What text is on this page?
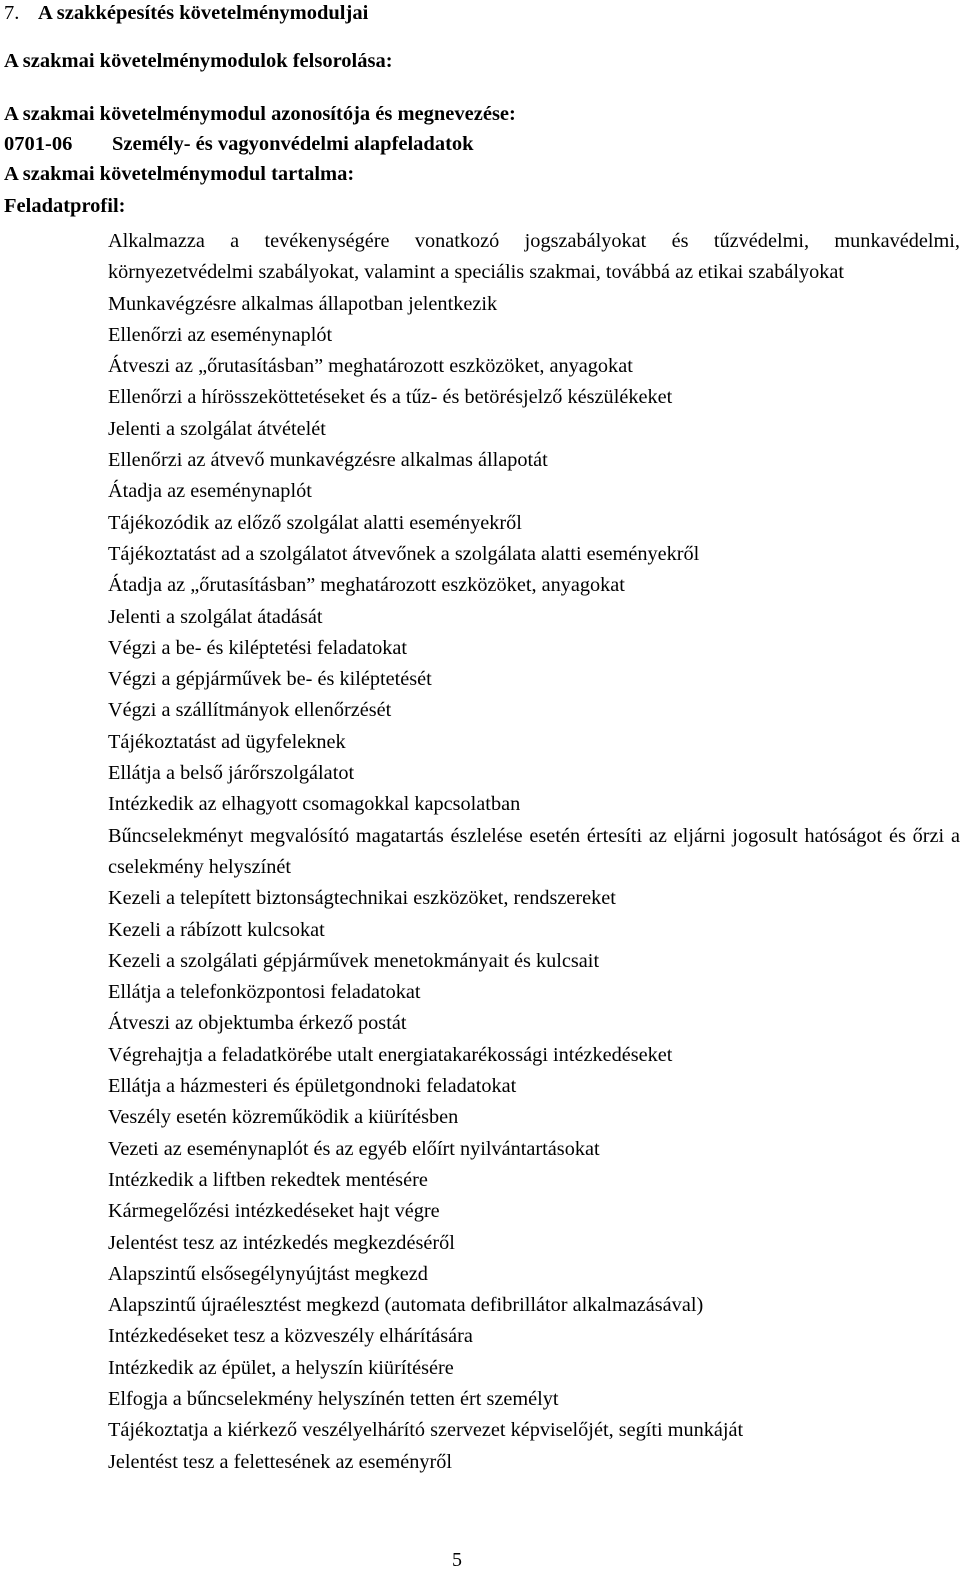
7. A szakképesítés követelménymoduljai
A szakmai követelménymodulok felsorolása:
A szakmai követelménymodul azonosítója és megnevezése:
0701-06 Személy- és vagyonvédelmi alapfeladatok
A szakmai követelménymodul tartalma:
Feladatprofil:
Alkalmazza a tevékenységére vonatkozó jogszabályokat és tűzvédelmi, munkavédelmi, környezetvédelmi szabályokat, valamint a speciális szakmai, továbbá az etikai szabályokat
Munkavégzésre alkalmas állapotban jelentkezik
Ellenőrzi az eseménynaplót
Átveszi az „őrutasításban” meghatározott eszközöket, anyagokat
Ellenőrzi a hírösszeköttetéseket és a tűz- és betörésjelző készülékeket
Jelenti a szolgálat átvételét
Ellenőrzi az átvevő munkavégzésre alkalmas állapotát
Átadja az eseménynaplót
Tájékozódik az előző szolgálat alatti eseményekről
Tájékoztatást ad a szolgálatot átvevőnek a szolgálata alatti eseményekről
Átadja az „őrutasításban” meghatározott eszközöket, anyagokat
Jelenti a szolgálat átadását
Végzi a be- és kiléptetési feladatokat
Végzi a gépjárművek be- és kiléptetését
Végzi a szállítmányok ellenőrzését
Tájékoztatást ad ügyfeleknek
Ellátja a belső járőrszolgálatot
Intézkedik az elhagyott csomagokkal kapcsolatban
Bűncselekményt megvalósító magatartás észlelése esetén értesíti az eljárni jogosult hatóságot és őrzi a cselekmény helyszínét
Kezeli a telepített biztonságtechnikai eszközöket, rendszereket
Kezeli a rábízott kulcsokat
Kezeli a szolgálati gépjárművek menetokmányait és kulcsait
Ellátja a telefonközpontosi feladatokat
Átveszi az objektumba érkező postát
Végrehajtja a feladatkörébe utalt energiatakarékossági intézkedéseket
Ellátja a házmesteri és épületgondnoki feladatokat
Veszély esetén közreműködik a kiürítésben
Vezeti az eseménynaplót és az egyéb előírt nyilvántartásokat
Intézkedik a liftben rekedtek mentésére
Kármegelőzési intézkedéseket hajt végre
Jelentést tesz az intézkedés megkezdéséről
Alapszintű elsősegélynyújtást megkezd
Alapszintű újraélesztést megkezd (automata defibrillátor alkalmazásával)
Intézkedéseket tesz a közveszély elhárítására
Intézkedik az épület, a helyszín kiürítésére
Elfogja a bűncselekmény helyszínén tetten ért személyt
Tájékoztatja a kiérkező veszélyelhárító szervezet képviselőjét, segíti munkáját
Jelentést tesz a felettesének az eseményről
5
